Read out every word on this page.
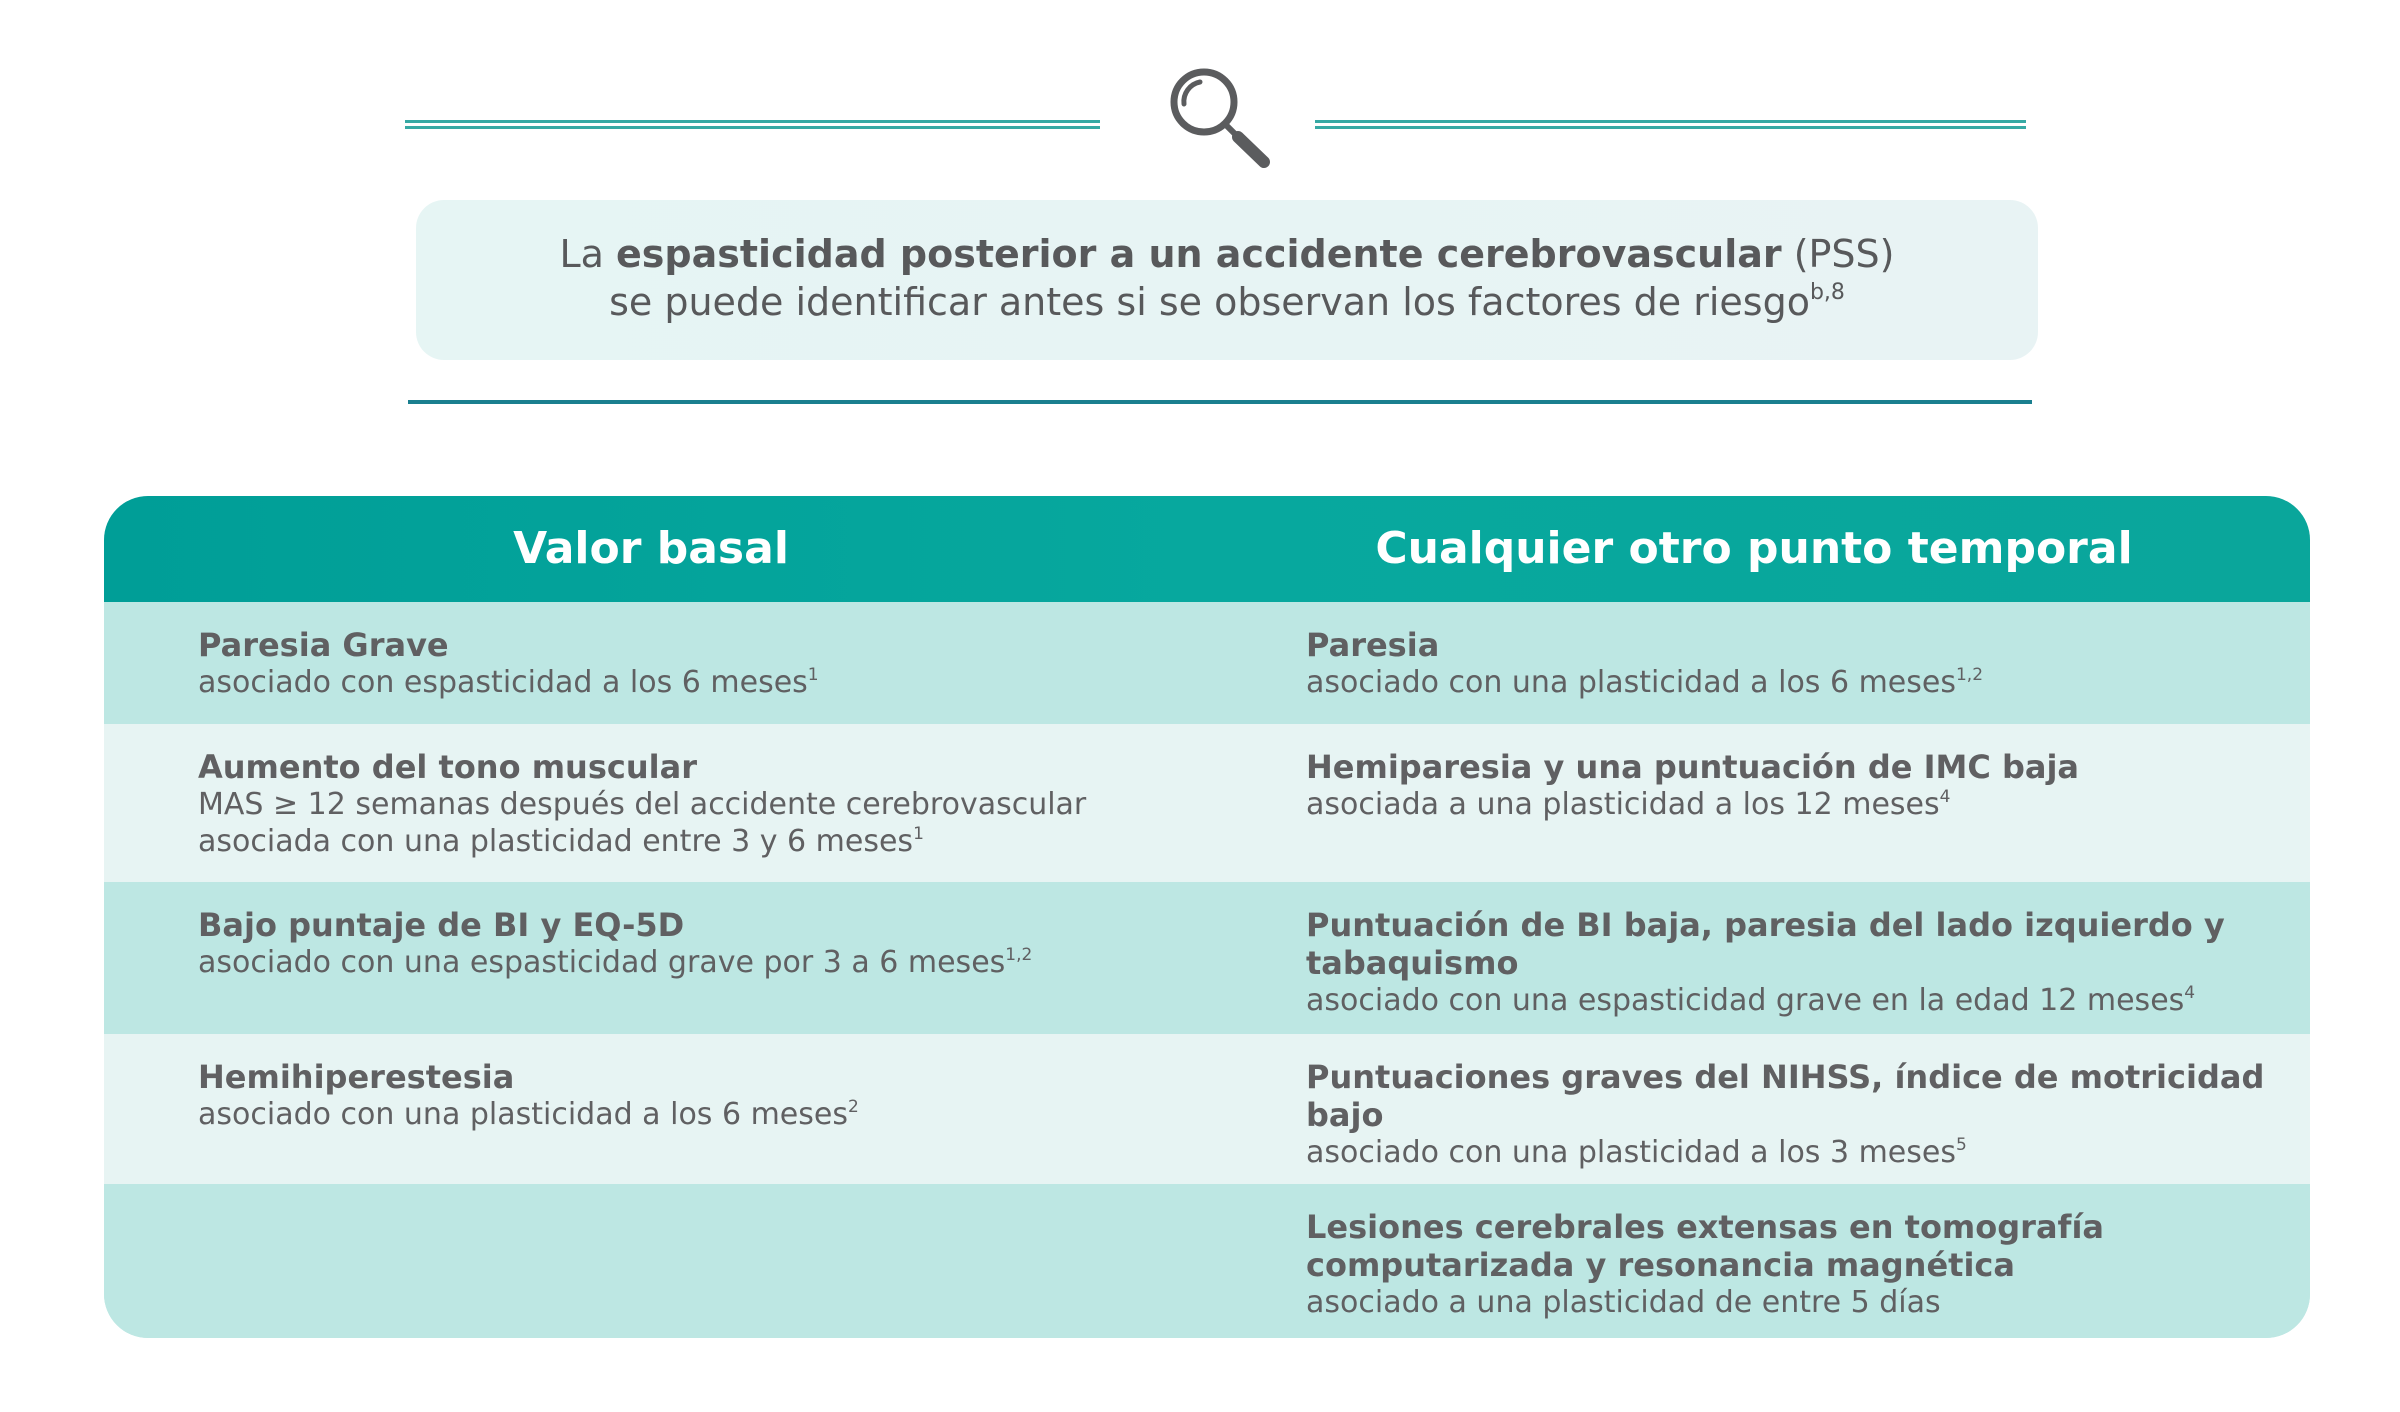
La espasticidad posterior a un accidente cerebrovascular (PSS)
se puede identificar antes si se observan los factores de riesgo$^{b,8}$
Valor basal	Cualquier otro punto temporal
Paresia Grave
asociado con espasticidad a los 6 meses$^1$
Paresia
asociado con una plasticidad a los 6 meses$^{1,2}$
Aumento del tono muscular
MAS ≥ 12 semanas después del accidente cerebrovascular
asociada con una plasticidad entre 3 y 6 meses$^1$
Hemiparesia y una puntuación de IMC baja
asociada a una plasticidad a los 12 meses$^4$
Bajo puntaje de BI y EQ-5D
asociado con una espasticidad grave por 3 a 6 meses$^{1,2}$
Puntuación de BI baja, paresia del lado izquierdo y
tabaquismo
asociado con una espasticidad grave en la edad 12 meses$^4$
Hemihiperestesia
asociado con una plasticidad a los 6 meses$^2$
Puntuaciones graves del NIHSS, índice de motricidad
bajo
asociado con una plasticidad a los 3 meses$^5$
Lesiones cerebrales extensas en tomografía
computarizada y resonancia magnética
asociado a una plasticidad de entre 5 días
